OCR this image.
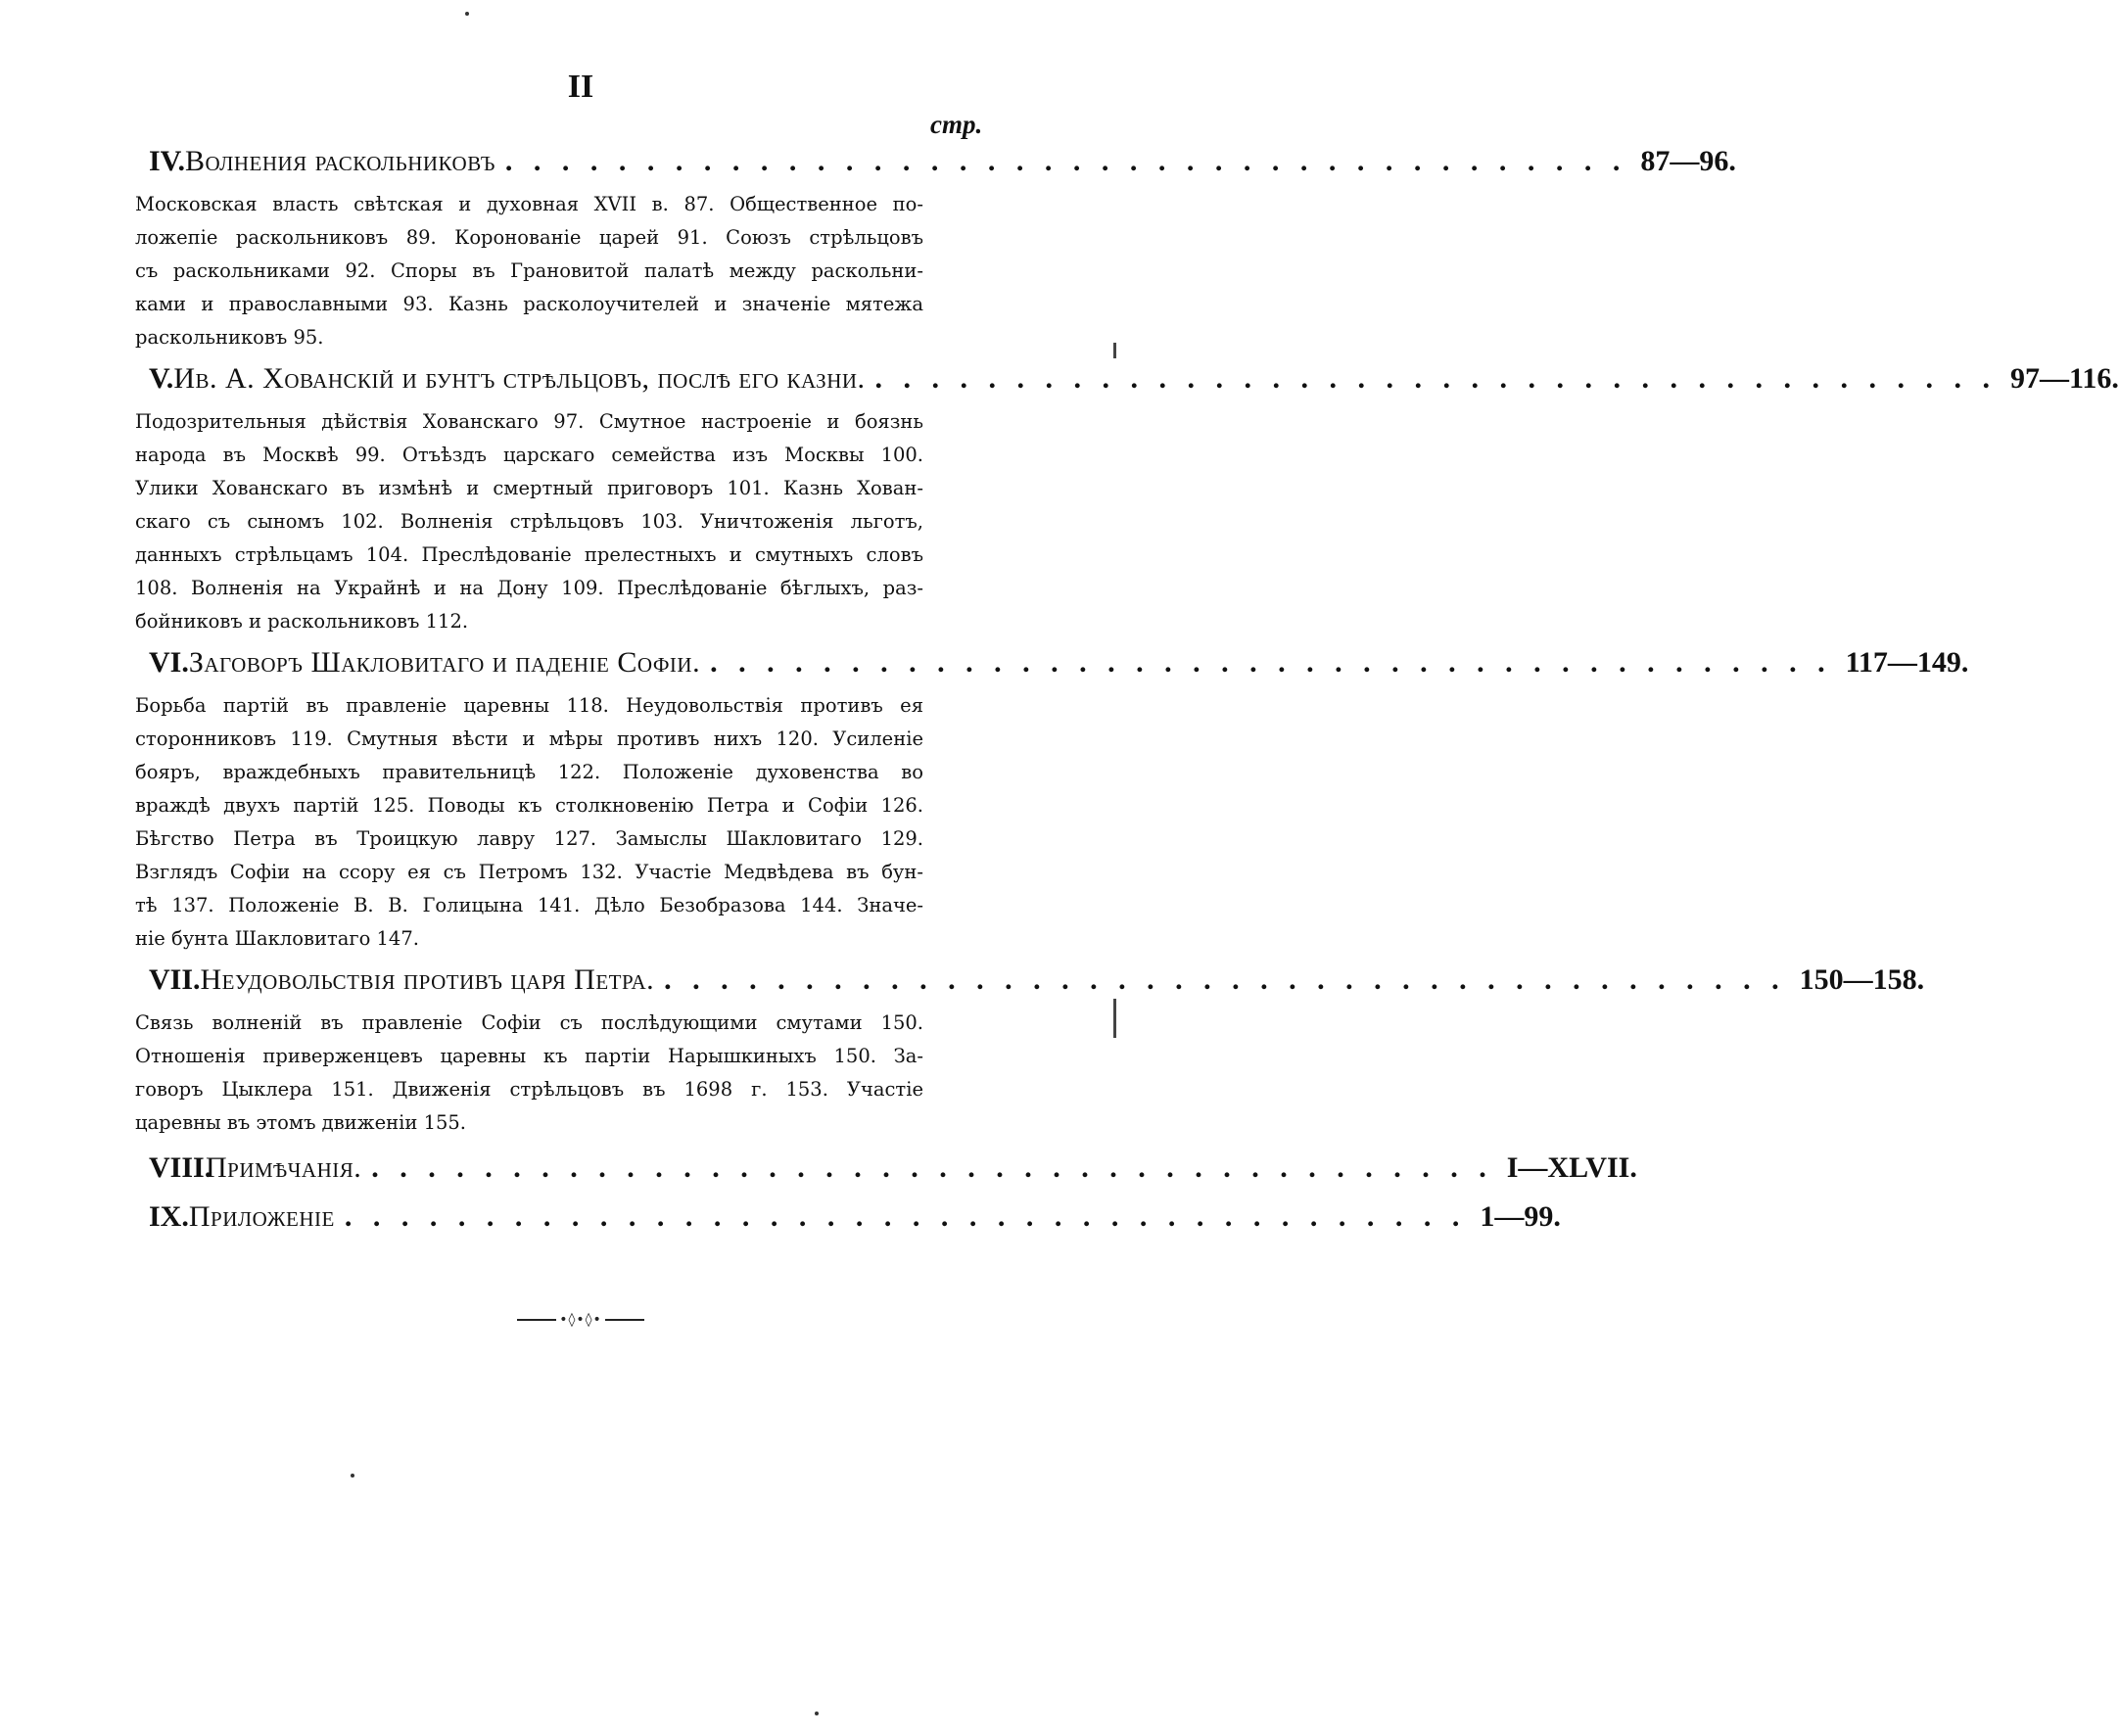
II
стр.
IV. Волнения раскольниковъ . . . . . . . . . . . . . . . . . . . . . . . . . . . . . . . . . . . . . . . . 87—96.
Московская власть свѣтская и духовная XVII в. 87. Общественное по-
ложепіе раскольниковъ 89. Коронованіе царей 91. Союзъ стрѣльцовъ
съ раскольниками 92. Споры въ Грановитой палатѣ между раскольни-
ками и православными 93. Казнь расколоучителей и значеніе мятежа
раскольниковъ 95.
V. Ив. А. Хованскій и бунтъ стрѣльцовъ, послѣ его казни. . . . . . . . . . . . . . . . . . . . . . . . . . . . . . . . . . . . . . . . . 97—116.
Подозрительныя дѣйствія Хованскаго 97. Смутное настроеніе и боязнь
народа въ Москвѣ 99. Отъѣздъ царскаго семейства изъ Москвы 100.
Улики Хованскаго въ измѣнѣ и смертный приговоръ 101. Казнь Хован-
скаго съ сыномъ 102. Волненія стрѣльцовъ 103. Уничтоженія льготъ,
данныхъ стрѣльцамъ 104. Преслѣдованіе прелестныхъ и смутныхъ словъ
108. Волненія на Украйнѣ и на Дону 109. Преслѣдованіе бѣглыхъ, раз-
бойниковъ и раскольниковъ 112.
VI. Заговоръ Шакловитаго и паденіе Софіи. . . . . . . . . . . . . . . . . . . . . . . . . . . . . . . . . . . . . . . . . 117—149.
Борьба партій въ правленіе царевны 118. Неудовольствія противъ ея
сторонниковъ 119. Смутныя вѣсти и мѣры противъ нихъ 120. Усиленіе
бояръ, враждебныхъ правительницѣ 122. Положеніе духовенства во
враждѣ двухъ партій 125. Поводы къ столкновенію Петра и Софіи 126.
Бѣгство Петра въ Троицкую лавру 127. Замыслы Шакловитаго 129.
Взглядъ Софіи на ссору ея съ Петромъ 132. Участіе Медвѣдева въ бун-
тѣ 137. Положеніе В. В. Голицына 141. Дѣло Безобразова 144. Значе-
ніе бунта Шакловитаго 147.
VII. Неудовольствія противъ царя Петра. . . . . . . . . . . . . . . . . . . . . . . . . . . . . . . . . . . . . . . . . 150—158.
Связь волненій въ правленіе Софіи съ послѣдующими смутами 150.
Отношенія приверженцевъ царевны къ партіи Нарышкиныхъ 150. За-
говоръ Цыклера 151. Движенія стрѣльцовъ въ 1698 г. 153. Участіе
царевны въ этомъ движеніи 155.
VIII.
Примѣчанія. . . . . . . . . . . . . . . . . . . . . . . . . . . . . . . . . . . . . . . . . I—XLVII.
IX. Приложеніе . . . . . . . . . . . . . . . . . . . . . . . . . . . . . . . . . . . . . . . . 1—99.
•◊•◊•
